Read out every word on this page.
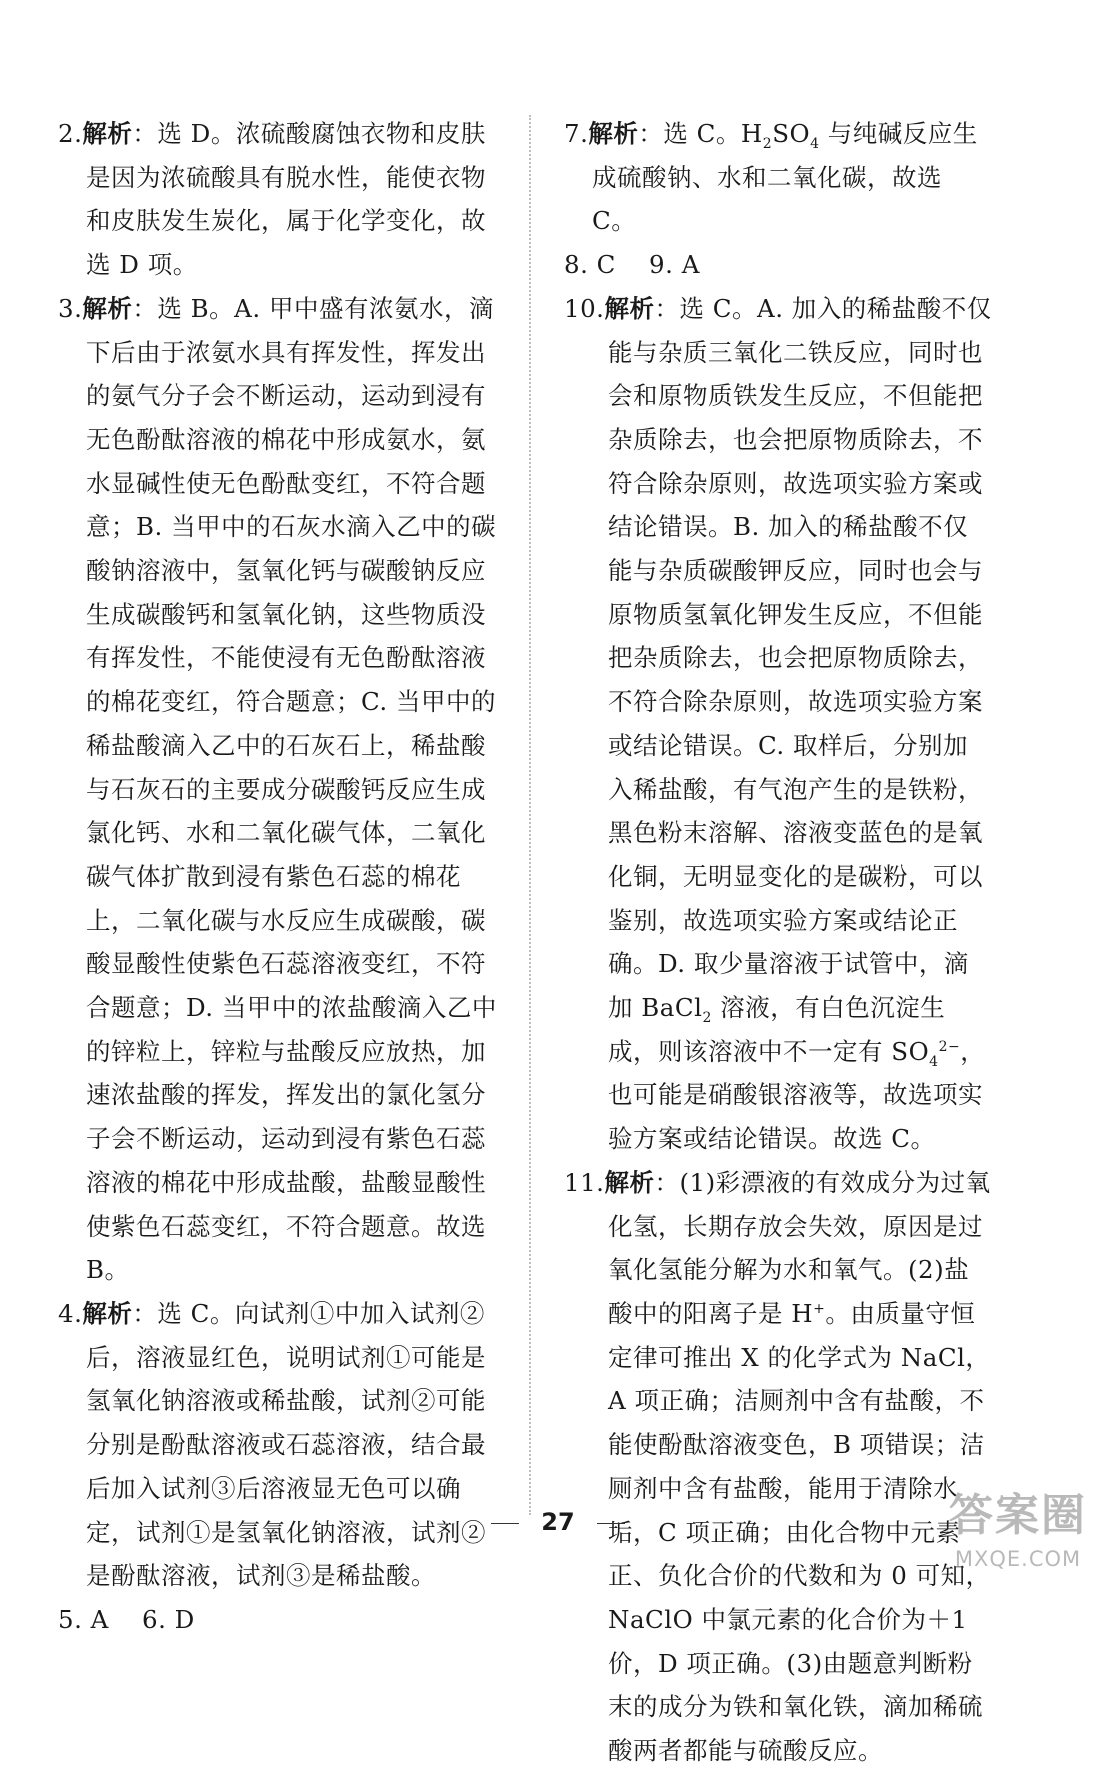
2.解析：选 D。浓硫酸腐蚀衣物和皮肤是因为浓硫酸具有脱水性，能使衣物和皮肤发生炭化，属于化学变化，故选 D 项。
3.解析：选 B。A. 甲中盛有浓氨水，滴下后由于浓氨水具有挥发性，挥发出的氨气分子会不断运动，运动到浸有无色酚酞溶液的棉花中形成氨水，氨水显碱性使无色酚酞变红，不符合题意；B. 当甲中的石灰水滴入乙中的碳酸钠溶液中，氢氧化钙与碳酸钠反应生成碳酸钙和氢氧化钠，这些物质没有挥发性，不能使浸有无色酚酞溶液的棉花变红，符合题意；C. 当甲中的稀盐酸滴入乙中的石灰石上，稀盐酸与石灰石的主要成分碳酸钙反应生成氯化钙、水和二氧化碳气体，二氧化碳气体扩散到浸有紫色石蕊的棉花上，二氧化碳与水反应生成碳酸，碳酸显酸性使紫色石蕊溶液变红，不符合题意；D. 当甲中的浓盐酸滴入乙中的锌粒上，锌粒与盐酸反应放热，加速浓盐酸的挥发，挥发出的氯化氢分子会不断运动，运动到浸有紫色石蕊溶液的棉花中形成盐酸，盐酸显酸性使紫色石蕊变红，不符合题意。故选 B。
4.解析：选 C。向试剂①中加入试剂②后，溶液显红色，说明试剂①可能是氢氧化钠溶液或稀盐酸，试剂②可能分别是酚酞溶液或石蕊溶液，结合最后加入试剂③后溶液显无色可以确定，试剂①是氢氧化钠溶液，试剂②是酚酞溶液，试剂③是稀盐酸。
5. A    6. D
7.解析：选 C。$H_2SO_4$ 与纯碱反应生成硫酸钠、水和二氧化碳，故选 C。
8. C    9. A
10.解析：选 C。A. 加入的稀盐酸不仅能与杂质三氧化二铁反应，同时也会和原物质铁发生反应，不但能把杂质除去，也会把原物质除去，不符合除杂原则，故选项实验方案或结论错误。B. 加入的稀盐酸不仅能与杂质碳酸钾反应，同时也会与原物质氢氧化钾发生反应，不但能把杂质除去，也会把原物质除去，不符合除杂原则，故选项实验方案或结论错误。C. 取样后，分别加入稀盐酸，有气泡产生的是铁粉，黑色粉末溶解、溶液变蓝色的是氧化铜，无明显变化的是碳粉，可以鉴别，故选项实验方案或结论正确。D. 取少量溶液于试管中，滴加 BaCl$_2$ 溶液，有白色沉淀生成，则该溶液中不一定有 $SO_4^{2-}$，也可能是硝酸银溶液等，故选项实验方案或结论错误。故选 C。
11.解析：(1)彩漂液的有效成分为过氧化氢，长期存放会失效，原因是过氧化氢能分解为水和氧气。(2)盐酸中的阳离子是 H+。由质量守恒定律可推出 X 的化学式为 NaCl，A 项正确；洁厕剂中含有盐酸，不能使酚酞溶液变色，B 项错误；洁厕剂中含有盐酸，能用于清除水垢，C 项正确；由化合物中元素正、负化合价的代数和为 0 可知，NaClO 中氯元素的化合价为＋1 价，D 项正确。(3)由题意判断粉末的成分为铁和氧化铁，滴加稀硫酸两者都能与硫酸反应。
27	答案圈
MXQE.COM
